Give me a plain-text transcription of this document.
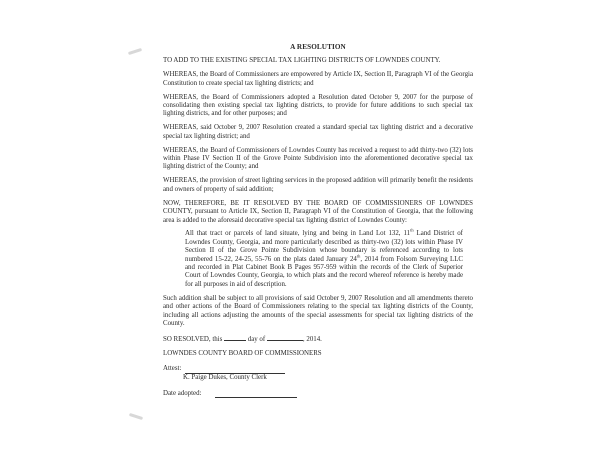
A RESOLUTION

TO ADD TO THE EXISTING SPECIAL TAX LIGHTING DISTRICTS OF LOWNDES COUNTY.

WHEREAS, the Board of Commissioners are empowered by Article IX, Section II, Paragraph VI of the Georgia Constitution to create special tax lighting districts; and

WHEREAS, the Board of Commissioners adopted a Resolution dated October 9, 2007 for the purpose of consolidating then existing special tax lighting districts, to provide for future additions to such special tax lighting districts, and for other purposes; and

WHEREAS, said October 9, 2007 Resolution created a standard special tax lighting district and a decorative special tax lighting district; and

WHEREAS, the Board of Commissioners of Lowndes County has received a request to add thirty-two (32) lots within Phase IV Section II of the Grove Pointe Subdivision into the aforementioned decorative special tax lighting district of the County; and

WHEREAS, the provision of street lighting services in the proposed addition will primarily benefit the residents and owners of property of said addition;

NOW, THEREFORE, BE IT RESOLVED BY THE BOARD OF COMMISSIONERS OF LOWNDES COUNTY, pursuant to Article IX, Section II, Paragraph VI of the Constitution of Georgia, that the following area is added to the aforesaid decorative special tax lighting district of Lowndes County:

All that tract or parcels of land situate, lying and being in Land Lot 132, 11th Land District of Lowndes County, Georgia, and more particularly described as thirty-two (32) lots within Phase IV Section II of the Grove Pointe Subdivision whose boundary is referenced according to lots numbered 15-22, 24-25, 55-76 on the plats dated January 24th, 2014 from Folsom Surveying LLC and recorded in Plat Cabinet Book B Pages 957-959 within the records of the Clerk of Superior Court of Lowndes County, Georgia, to which plats and the record whereof reference is hereby made for all purposes in aid of description.

Such addition shall be subject to all provisions of said October 9, 2007 Resolution and all amendments thereto and other actions of the Board of Commissioners relating to the special tax lighting districts of the County, including all actions adjusting the amounts of the special assessments for special tax lighting districts of the County.

SO RESOLVED, this	day of	, 2014.

LOWNDES COUNTY BOARD OF COMMISSIONERS

Attest:
K. Paige Dukes, County Clerk
Date adopted:
